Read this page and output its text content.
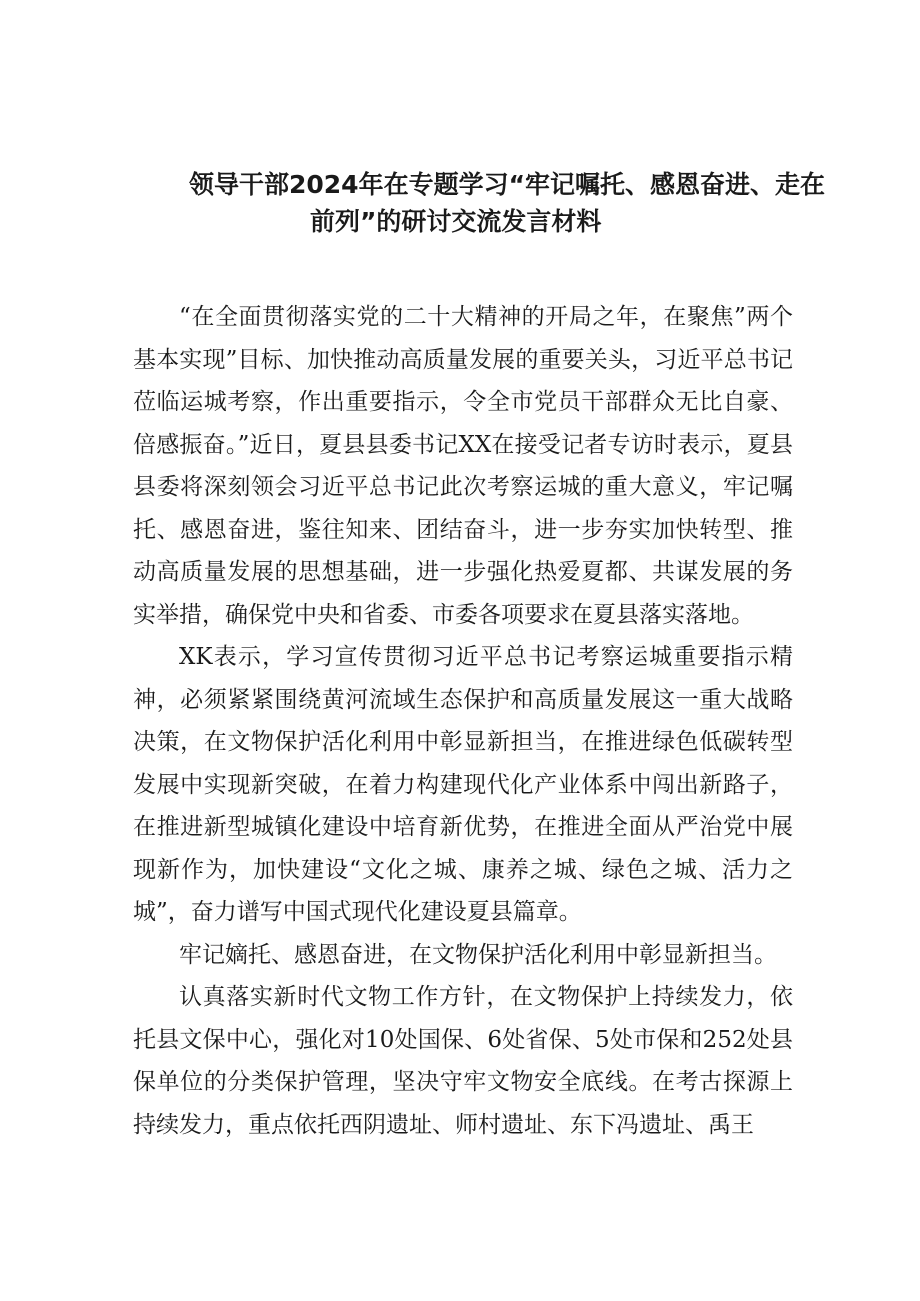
领导干部2024年在专题学习“牢记嘱托、感恩奋进、走在
前列”的研讨交流发言材料

“在全面贯彻落实党的二十大精神的开局之年，在聚焦”两个基本实现”目标、加快推动高质量发展的重要关头，习近平总书记莅临运城考察，作出重要指示，令全市党员干部群众无比自豪、倍感振奋。”近日，夏县县委书记XX在接受记者专访时表示，夏县县委将深刻领会习近平总书记此次考察运城的重大意义，牢记嘱托、感恩奋进，鉴往知来、团结奋斗，进一步夯实加快转型、推动高质量发展的思想基础，进一步强化热爱夏都、共谋发展的务实举措，确保党中央和省委、市委各项要求在夏县落实落地。

XK表示，学习宣传贯彻习近平总书记考察运城重要指示精神，必须紧紧围绕黄河流域生态保护和高质量发展这一重大战略决策，在文物保护活化利用中彰显新担当，在推进绿色低碳转型发展中实现新突破，在着力构建现代化产业体系中闯出新路子，在推进新型城镇化建设中培育新优势，在推进全面从严治党中展现新作为，加快建设“文化之城、康养之城、绿色之城、活力之城”，奋力谱写中国式现代化建设夏县篇章。

牢记嫡托、感恩奋进，在文物保护活化利用中彰显新担当。

认真落实新时代文物工作方针，在文物保护上持续发力，依托县文保中心，强化对10处国保、6处省保、5处市保和252处县保单位的分类保护管理，坚决守牢文物安全底线。在考古探源上持续发力，重点依托西阴遗址、师村遗址、东下冯遗址、禹王
